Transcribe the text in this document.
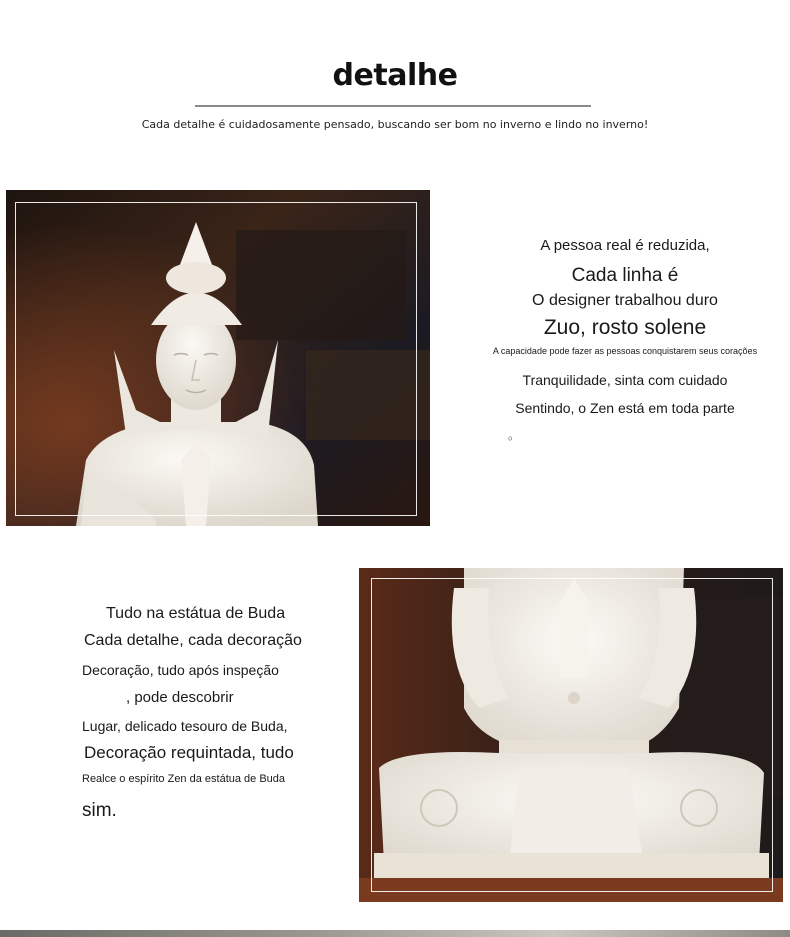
detalhe
Cada detalhe é cuidadosamente pensado, buscando ser bom no inverno e lindo no inverno!
A pessoa real é reduzida,
Cada linha é
O designer trabalhou duro
Zuo, rosto solene
A capacidade pode fazer as pessoas conquistarem seus corações
Tranquilidade, sinta com cuidado
Sentindo, o Zen está em toda parte
。
Tudo na estátua de Buda
Cada detalhe, cada decoração
Decoração, tudo após inspeção
, pode descobrir
Lugar, delicado tesouro de Buda,
Decoração requintada, tudo
Realce o espírito Zen da estátua de Buda
sim.
